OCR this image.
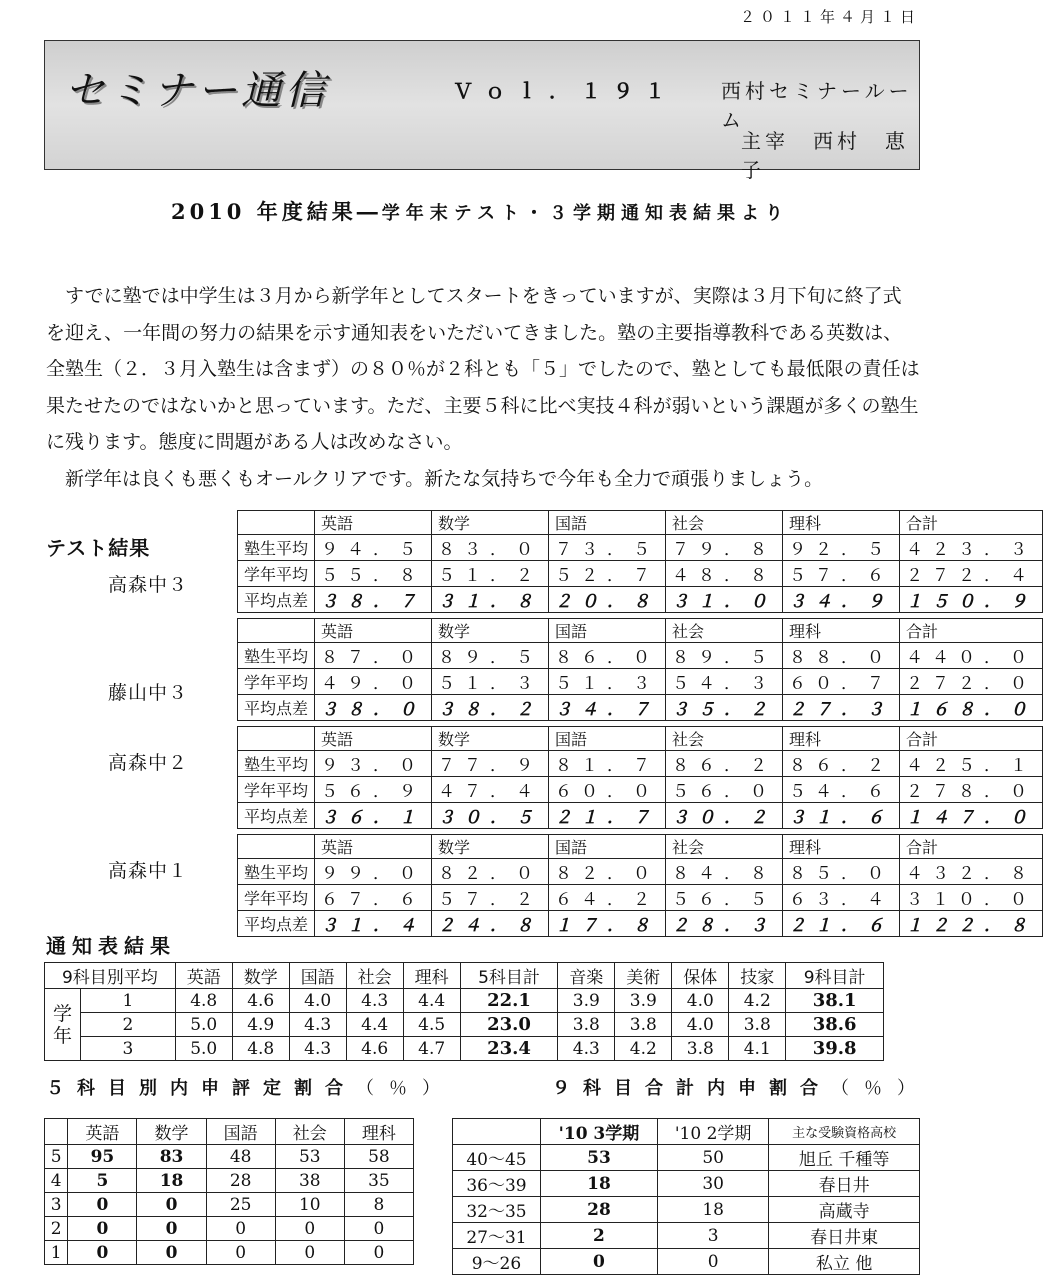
２０１１年４月１日
セミナー通信	Ｖｏｌ．１９１ 西村セミナールーム
主宰　西村　恵子
2010 年度結果―学年末テスト・３学期通知表結果より

すでに塾では中学生は３月から新学年としてスタートをきっていますが、実際は３月下旬に終了式を迎え、一年間の努力の結果を示す通知表をいただいてきました。塾の主要指導教科である英数は、全塾生（２．３月入塾生は含まず）の８０％が２科とも「５」でしたので、塾としても最低限の責任は果たせたのではないかと思っています。ただ、主要５科に比べ実技４科が弱いという課題が多くの塾生に残ります。態度に問題がある人は改めなさい。

新学年は良くも悪くもオールクリアです。新たな気持ちで今年も全力で頑張りましょう。

テスト結果
高森中３
藤山中３
高森中２
高森中１
	英語	数学	国語	社会	理科	合計
塾生平均	９４．５	８３．０	７３．５	７９．８	９２．５	４２３．３
学年平均	５５．８	５１．２	５２．７	４８．８	５７．６	２７２．４
平均点差	３８．７	３１．８	２０．８	３１．０	３４．９	１５０．９
	英語	数学	国語	社会	理科	合計
塾生平均	８７．０	８９．５	８６．０	８９．５	８８．０	４４０．０
学年平均	４９．０	５１．３	５１．３	５４．３	６０．７	２７２．０
平均点差	３８．０	３８．２	３４．７	３５．２	２７．３	１６８．０
	英語	数学	国語	社会	理科	合計
塾生平均	９３．０	７７．９	８１．７	８６．２	８６．２	４２５．１
学年平均	５６．９	４７．４	６０．０	５６．０	５４．６	２７８．０
平均点差	３６．１	３０．５	２１．７	３０．２	３１．６	１４７．０
	英語	数学	国語	社会	理科	合計
塾生平均	９９．０	８２．０	８２．０	８４．８	８５．０	４３２．８
学年平均	６７．６	５７．２	６４．２	５６．５	６３．４	３１０．０
平均点差	３１．４	２４．８	１７．８	２８．３	２１．６	１２２．８
通知表結果
9科目別平均		英語	数学	国語	社会	理科	5科目計	音楽	美術	保体	技家	9科目計
学年	1	4.8	4.6	4.0	4.3	4.4	22.1	3.9	3.9	4.0	4.2	38.1
	2	5.0	4.9	4.3	4.4	4.5	23.0	3.8	3.8	4.0	3.8	38.6
	3	5.0	4.8	4.3	4.6	4.7	23.4	4.3	4.2	3.8	4.1	39.8
５科目別内申評定割合（％）	９科目合計内申割合（％）
	英語	数学	国語	社会	理科
5	95	83	48	53	58
4	5	18	28	38	35
3	0	0	25	10	8
2	0	0	0	0	0
1	0	0	0	0	0
	'10 3学期	'10 2学期	主な受験資格高校
40～45	53	50	旭丘 千種等
36～39	18	30	春日井
32～35	28	18	高蔵寺
27～31	2	3	春日井東
9～26	0	0	私立 他
